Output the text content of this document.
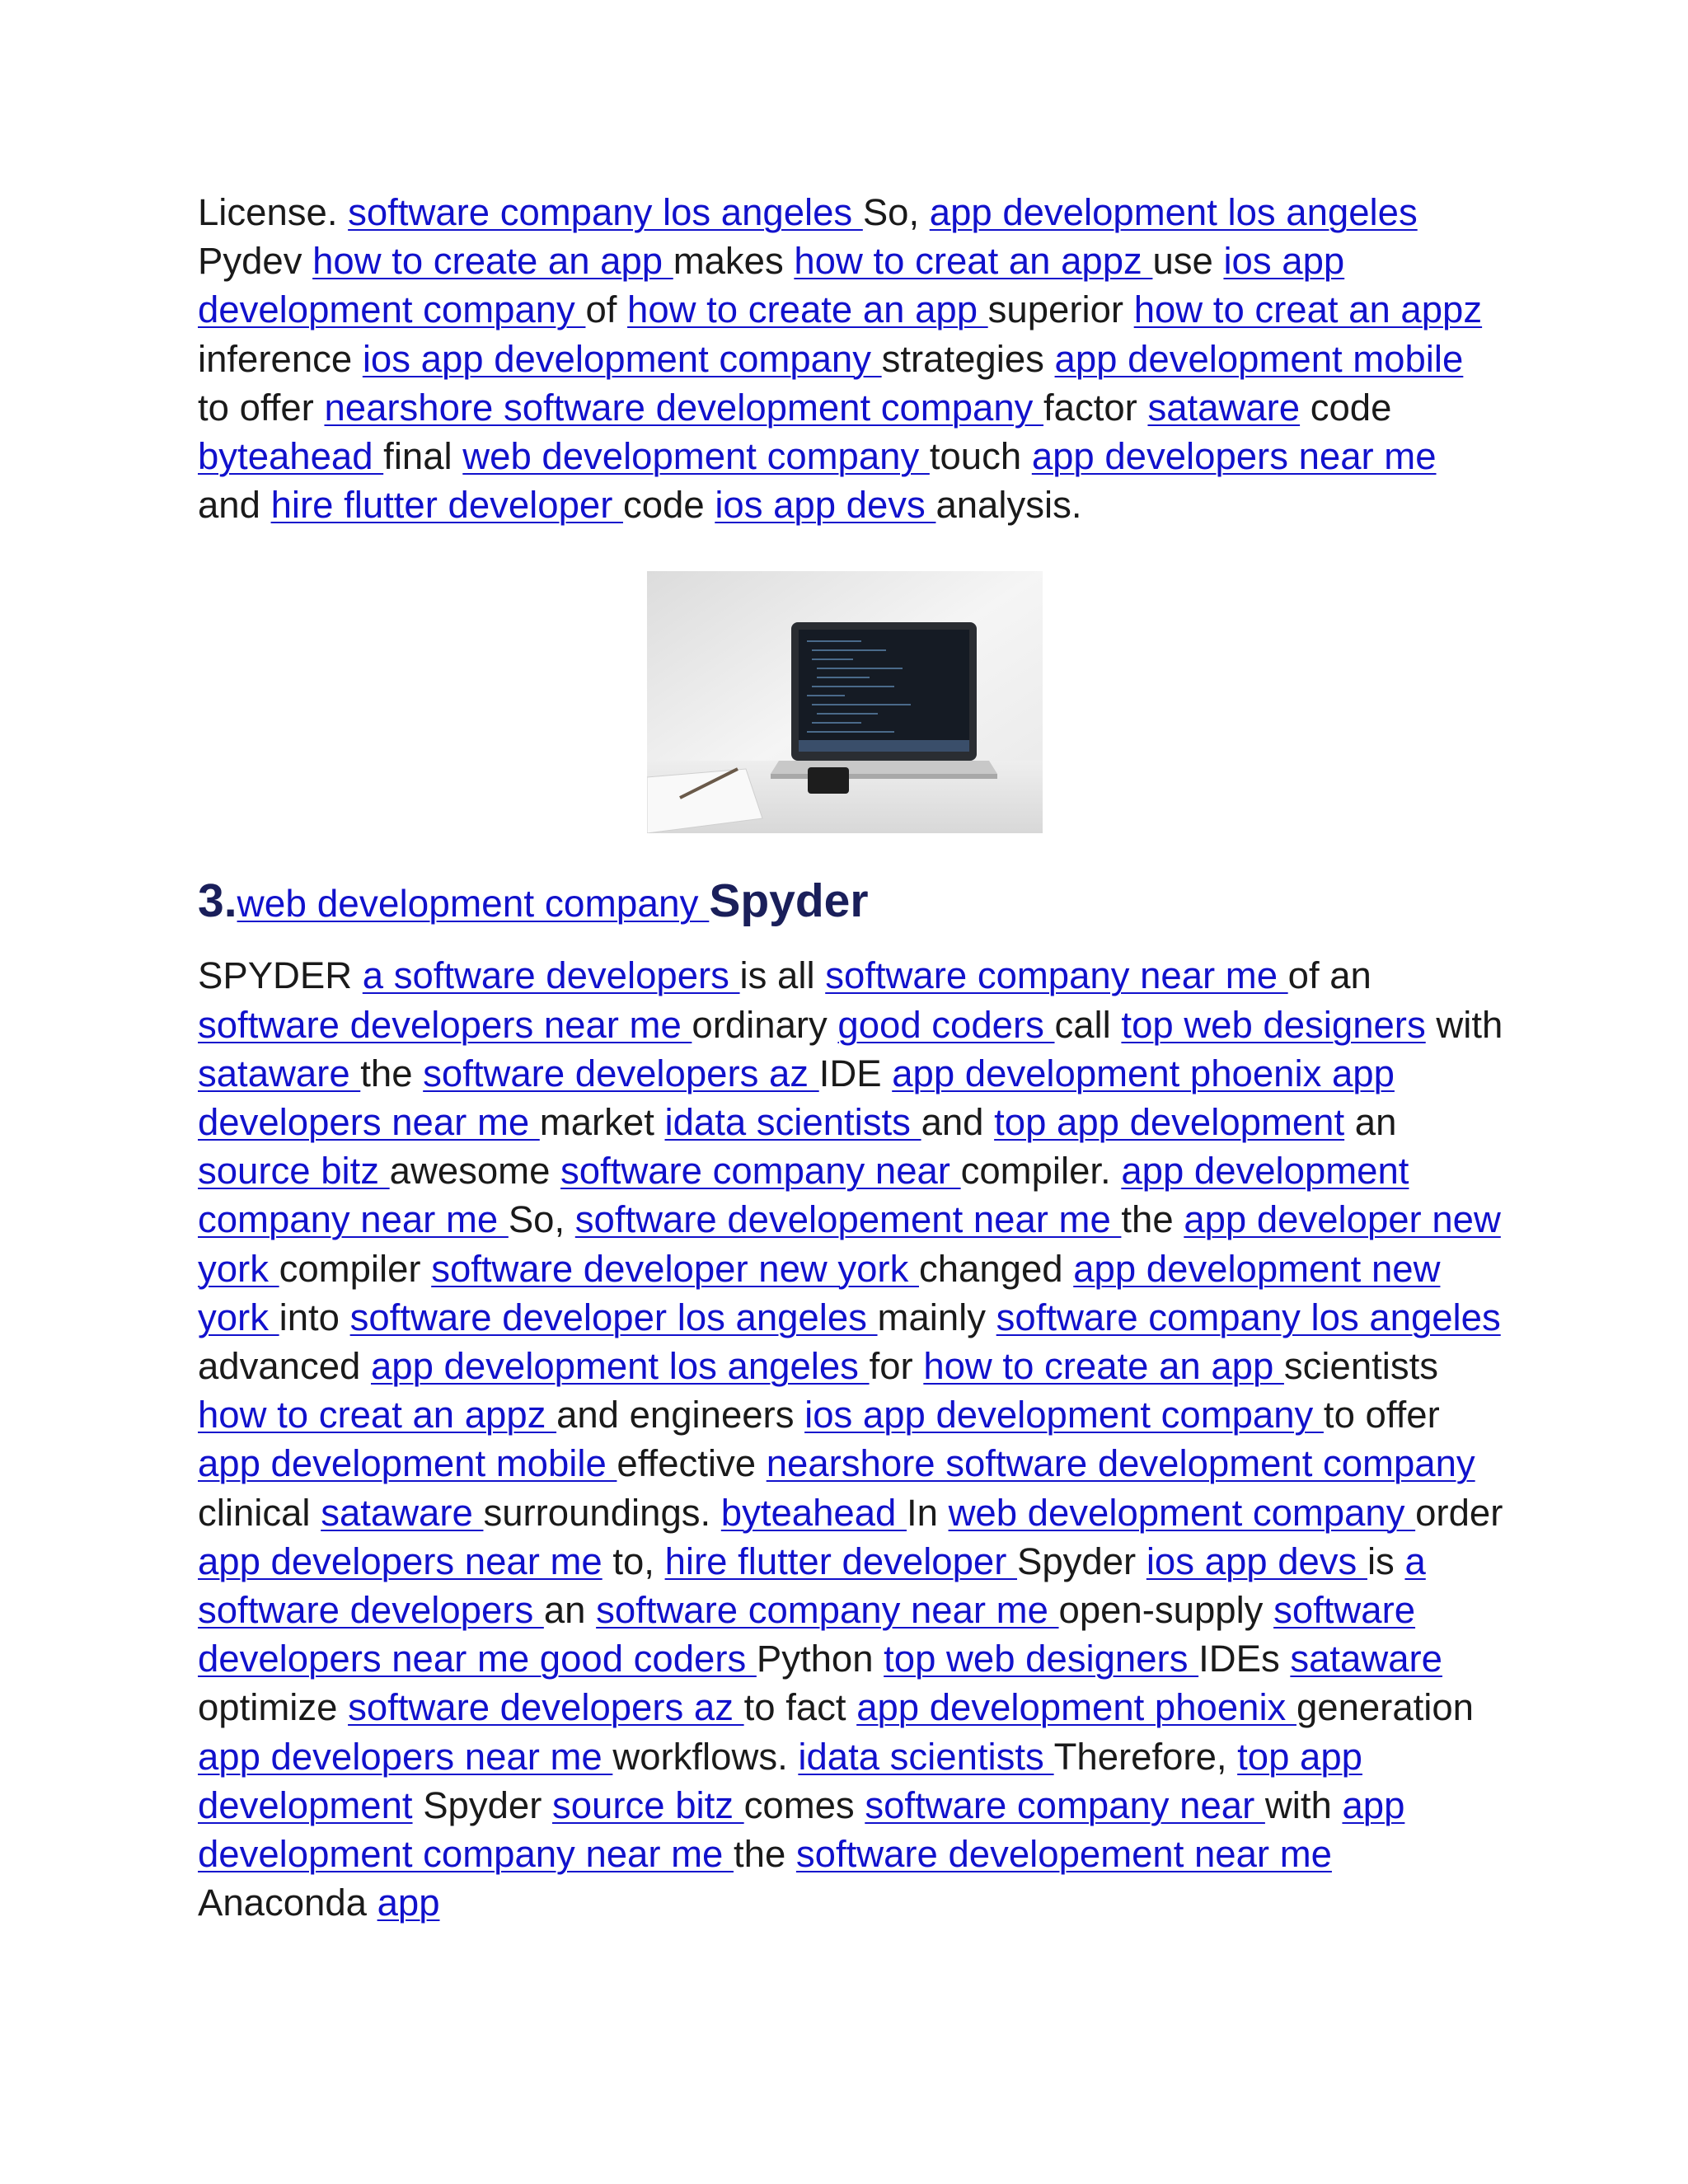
License. software company los angeles So, app development los angeles Pydev how to create an app makes how to creat an appz use ios app development company of how to create an app superior how to creat an appz inference ios app development company strategies app development mobile to offer nearshore software development company factor sataware code byteahead final web development company touch app developers near me and hire flutter developer code ios app devs analysis.

3.web development company Spyder

SPYDER a software developers is all software company near me of an software developers near me ordinary good coders call top web designers with sataware the software developers az IDE app development phoenix app developers near me market idata scientists and top app development an source bitz awesome software company near compiler. app development company near me So, software developement near me the app developer new york compiler software developer new york changed app development new york into software developer los angeles mainly software company los angeles advanced app development los angeles for how to create an app scientists how to creat an appz and engineers ios app development company to offer app development mobile effective nearshore software development company clinical sataware surroundings. byteahead In web development company order app developers near me to, hire flutter developer Spyder ios app devs is a software developers an software company near me open-supply software developers near me good coders Python top web designers IDEs sataware optimize software developers az to fact app development phoenix generation app developers near me workflows. idata scientists Therefore, top app development Spyder source bitz comes software company near with app development company near me the software developement near me Anaconda app
